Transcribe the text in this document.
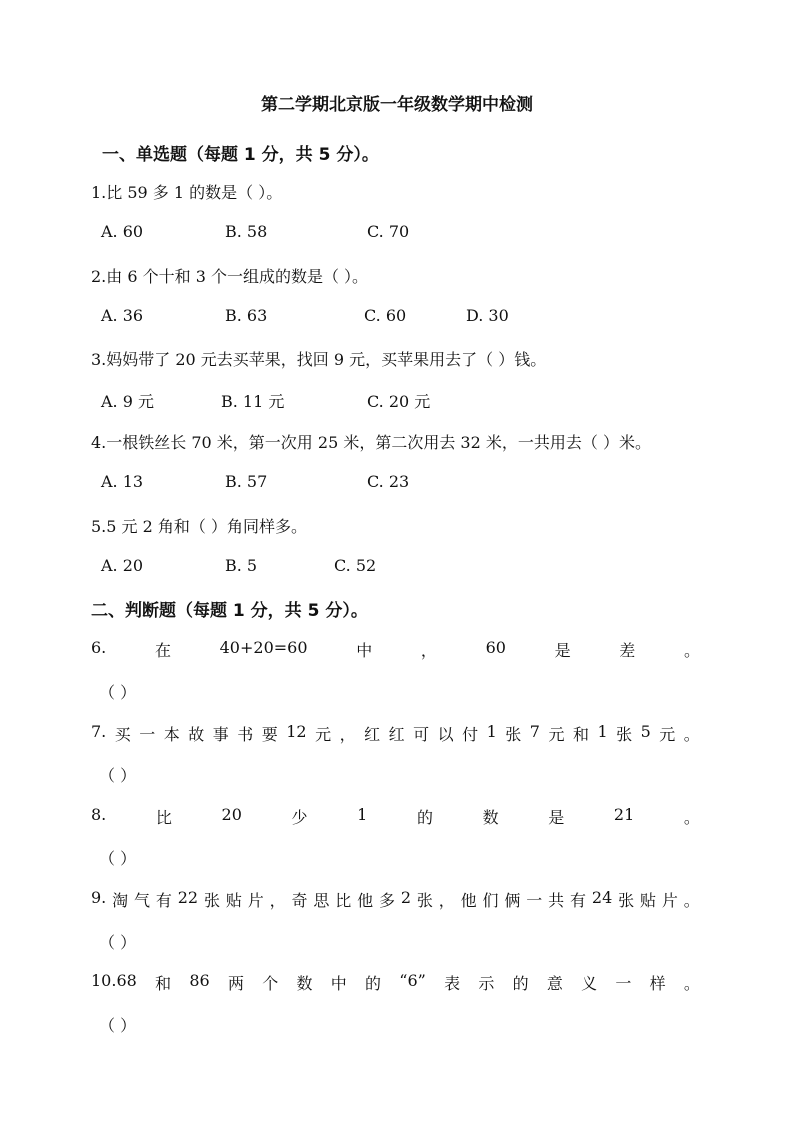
第二学期北京版一年级数学期中检测
一、单选题（每题 1 分，共 5 分）。
1.比 59 多 1 的数是（ ）。
A. 60	B. 58	C. 70
2.由 6 个十和 3 个一组成的数是（ ）。
A. 36	B. 63	C. 60	D. 30
3.妈妈带了 20 元去买苹果，找回 9 元，买苹果用去了（ ）钱。
A. 9 元	B. 11 元	C. 20 元
4.一根铁丝长 70 米，第一次用 25 米，第二次用去 32 米，一共用去（ ）米。
A. 13	B. 57	C. 23
5.5 元 2 角和（ ）角同样多。
A. 20	B. 5	C. 52
二、判断题（每题 1 分，共 5 分）。
6.	在	40+20=60	中	，	60	是	差	。
（ ）
7. 买 一 本 故 事 书 要 12 元 ， 红 红 可 以 付 1 张 7 元 和 1 张 5 元 。
（ ）
8.	比	20	少	1	的	数	是	21	。
（ ）
9. 淘 气 有 22 张 贴 片 ， 奇 思 比 他 多 2 张 ， 他 们 俩 一 共 有 24 张 贴 片 。
（ ）
10.68 和 86 两 个 数 中 的 “6” 表 示 的 意 义 一 样 。
（ ）
